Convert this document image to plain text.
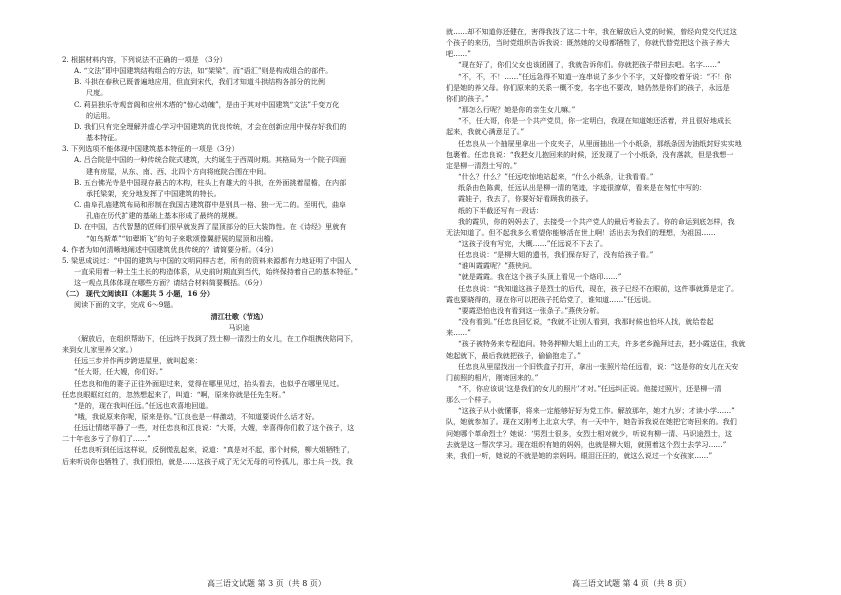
2. 根据材料内容，下列说法不正确的一项是 （3分）
A. “文法”即中国建筑结构组合的方法，如“架梁”，而“语汇”则是构成组合的部件。
B. 斗拱在春秋已既普遍地应用，但直到宋代，我们才知道斗拱结构各部分的比例
尺度。
C. 莉县独乐寺观音阁和应州木塔的“惊心动魄”，是由于其对中国建筑“文法”千变万化
的运用。
D. 我们只有完全理解并虚心学习中国建筑的优良传统，才会在创新应用中保存好我们的
基本特征。
3. 下列选项不能体现中国建筑基本特征的一项是（3分）
A. 吕合院是中国的一种传统合院式建筑，大约诞生于西周时期。其格局为一个院子四面
建有房屋，从东、南、西、北四个方向将庭院合围在中间。
B. 五台佛光寺是中国现存最古的木构，柱头上有雄大的斗拱，在外面挑着屋檐，在内部
承托梁架，充分地发挥了中国建筑的特长。
C. 曲阜孔庙建筑布局和形制在我国古建筑群中是别具一格、独一无二的。至明代，曲阜
孔庙在历代扩建的基础上基本形成了最终的规模。
D. 在中国，古代智慧的匠师们很早就发挥了屋顶部分的巨大装饰性。在《诗经》里就有
“如鸟斯革”“如翚斯飞”的句子来歌颂像翼舒展的屋顶和出檐。
4. 作者为如何清晰地阐述中国建筑优良传统的？请简要分析。（4分）
5. 梁思成说过：“中国的建筑与中国的文明同样古老，所有的资料来源都有力地证明了中国人
一直采用着一种土生土长的构造体系，从史前时期直到当代，始终保持着自己的基本特征。”
这一观点具体体现在哪些方面？请结合材料简要概括。（6分）
（二） 现代文阅读II（本题共 5 小题，16 分）
阅读下面的文字，完成 6～9题。
清江壮歌（节选）
马识途
（解放后，在组织帮助下，任远终于找到了烈士柳一清烈士的女儿，在工作组携侠陪同下，
来到女儿家里养父家。）
任远三步并作两步跨进屋里，就叫起来：
“任大哥，任大嫂，你们好。”
任忠良和他的妻子正往外面迎过来，觉得在哪里见过，抬头看去，也似乎在哪里见过。
任忠良眼眶红红的，忽然想起来了，叫道：“啊，原来你就是任先生呀。”
“是的，现在我叫任远。”任远也欢喜地回道。
“哦，我说原来你呢，原来是你。”江良也是一样激动，不知道要说什么话才好。
任远让情绪平静了一些，对任忠良和江良说：“大哥，大嫂，幸喜得你们救了这个孩子，这
二十年也多亏了你们了……”
任忠良听到任远这样说，反倒慌乱起来，说道：“真是对不起，那个时候，柳大姐牺牲了，
后来听说你也牺牲了，我们很怕，就是……这孩子成了无父无母的可怜孤儿，那士兵一找，我
高三语文试题 第 3 页（共 8 页）
就……却不知道你还健在，害得我找了这二十年，我在解放后入党的时候，曾经向党交代过这
个孩子的来历，当时党组织告诉我说：既然她的父母都牺牲了，你就代替党把这个孩子养大
吧……”
“现在好了，你们父女也该团圆了，我就告诉你们。你就把孩子带回去吧。名字……”
“不，不，不！……”任远急得不知道一连串说了多少个不字，又好像咬着牙说：“不！你
们是她的养父母。你们原来的关系一概不变，名字也不要改，她仍然是你们的孩子，永远是
你们的孩子。”
“那怎么行呢？她是你的亲生女儿嘛。”
“不，任大哥，你是一个共产党员，你一定明白，我现在知道她还活着，并且很好地成长
起来，我就心满意足了。”
任忠良从一个抽屉里拿出一个皮夹子，从里面抽出一个小纸条，那纸条因为油纸封好实实地
包裹着。任忠良说：“我把女儿抱回来的时候，还发现了一个小纸条，没有落款，但是我想一
定是柳一清烈士写的。”
“什么？什么？”任远吃惊地站起来，“什么小纸条，让我看看。”
纸条由色陈黄，任远认出是柳一清的笔迹，字迹很潦草，看来是在匆忙中写的：
霞娃子，我去了，你要好好看顾我的孩子。
纸的下半截还写有一段话：
我的霞贝，你的妈妈去了，去接受一个共产党人的最后考验去了。你的命运到底怎样，我
无法知道了。但不起我多么希望你能够活在世上啊！活出去为我们的理想，为祖国……
“这孩子没有写完，大概……”任远说不下去了。
任忠良说：“是柳大姐的遗书，我们保存好了，没有给孩子看。”
“谁叫霞霞呢？”燕侠问。
“就是霞霞。我在这个孩子头顶上看见一个烙印……”
任忠良说：“我知道这孩子是烈士的后代，现在，孩子已经不在眼前，这件事就算是定了。
霞也要晓得的，现在你可以把孩子托给党了，谁知道……”任远说。
“要霞恐怕也没有看到这一张条子。”燕侠分析。
“没有看到。”任忠良回忆说，“我就不让别人看到，我那时候也怕坏人找，就给卷起
来……”
“孩子被特务来专程追问。特务押柳大姐上山的工夫，许多老乡跪拜过去，把小霞送住，我就
她起就下，最后我就把孩子，偷偷抱走了。”
任忠良从里屋找出一个旧铁盒子打开，拿出一张照片给任远看，说：“这是你的女儿在天安
门前照的相片，刚寄回来的。”
“不，你应该说‘这是我们的女儿的照片’才对。”任远纠正说。他接过照片，还是柳一清
那么一个样子。
“这孩子从小就懂事，将来一定能够好好为党工作。解放那年，她才九岁；才读小学……”
队，她就参加了。现在又刚考上北京大学，有一天中午，她告诉我说在她把它寄回来的。我们
问她哪个革命烈士？她说：‘男烈士很多，女烈士相对就少，听说有柳一清、马识途烈士，这
去就是这一帮次学习。现在组织有她的妈妈，也就是柳大姐，就照着这个烈士去学习……”
来，我们一听，她说的不就是她的亲妈吗。眼泪汪汪的，就这么说过一个女孩家……”
高三语文试题 第 4 页（共 8 页）
